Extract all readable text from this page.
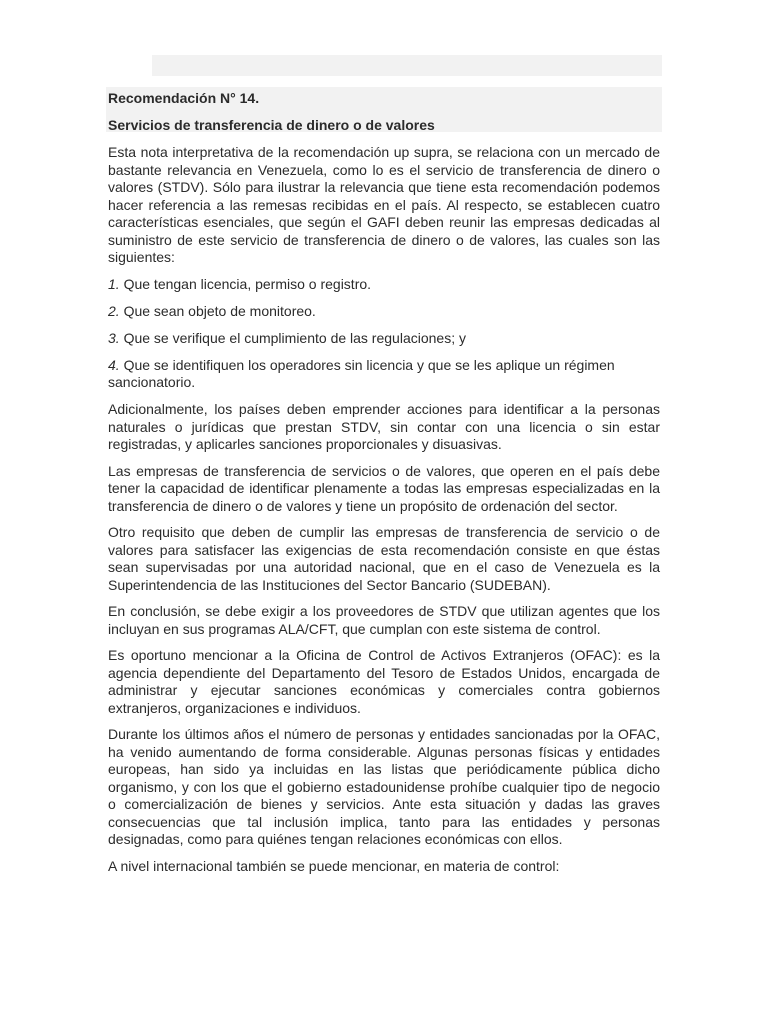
Recomendación N° 14.
Servicios de transferencia de dinero o de valores

Esta nota interpretativa de la recomendación up supra, se relaciona con un mercado de bastante relevancia en Venezuela, como lo es el servicio de transferencia de dinero o valores (STDV). Sólo para ilustrar la relevancia que tiene esta recomendación podemos hacer referencia a las remesas recibidas en el país. Al respecto, se establecen cuatro características esenciales, que según el GAFI deben reunir las empresas dedicadas al suministro de este servicio de transferencia de dinero o de valores, las cuales son las siguientes:

1. Que tengan licencia, permiso o registro.

2. Que sean objeto de monitoreo.

3. Que se verifique el cumplimiento de las regulaciones; y

4. Que se identifiquen los operadores sin licencia y que se les aplique un régimen sancionatorio.

Adicionalmente, los países deben emprender acciones para identificar a la personas naturales o jurídicas que prestan STDV, sin contar con una licencia o sin estar registradas, y aplicarles sanciones proporcionales y disuasivas.

Las empresas de transferencia de servicios o de valores, que operen en el país debe tener la capacidad de identificar plenamente a todas las empresas especializadas en la transferencia de dinero o de valores y tiene un propósito de ordenación del sector.

Otro requisito que deben de cumplir las empresas de transferencia de servicio o de valores para satisfacer las exigencias de esta recomendación consiste en que éstas sean supervisadas por una autoridad nacional, que en el caso de Venezuela es la Superintendencia de las Instituciones del Sector Bancario (SUDEBAN).

En conclusión, se debe exigir a los proveedores de STDV que utilizan agentes que los incluyan en sus programas ALA/CFT, que cumplan con este sistema de control.

Es oportuno mencionar a la Oficina de Control de Activos Extranjeros (OFAC): es la agencia dependiente del Departamento del Tesoro de Estados Unidos, encargada de administrar y ejecutar sanciones económicas y comerciales contra gobiernos extranjeros, organizaciones e individuos.

Durante los últimos años el número de personas y entidades sancionadas por la OFAC, ha venido aumentando de forma considerable. Algunas personas físicas y entidades europeas, han sido ya incluidas en las listas que periódicamente pública dicho organismo, y con los que el gobierno estadounidense prohíbe cualquier tipo de negocio o comercialización de bienes y servicios. Ante esta situación y dadas las graves consecuencias que tal inclusión implica, tanto para las entidades y personas designadas, como para quiénes tengan relaciones económicas con ellos.

A nivel internacional también se puede mencionar, en materia de control:
